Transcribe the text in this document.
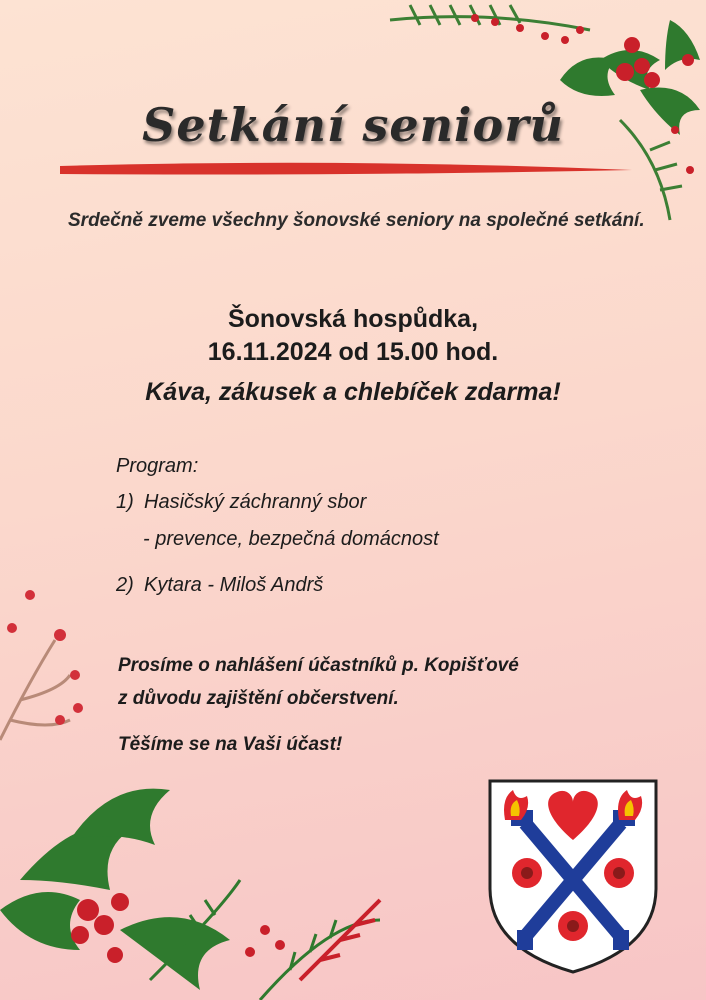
Setkání seniorů
Srdečně zveme všechny šonovské seniory na společné setkání.
Šonovská hospůdka,
16.11.2024 od 15.00 hod.
Káva, zákusek a chlebíček zdarma!
Program:
1) Hasičský záchranný sbor
- prevence, bezpečná domácnost
2) Kytara - Miloš Andrš
Prosíme o nahlášení účastníků p. Kopišťové
z důvodu zajištění občerstvení.
Těšíme se na Vaši účast!
